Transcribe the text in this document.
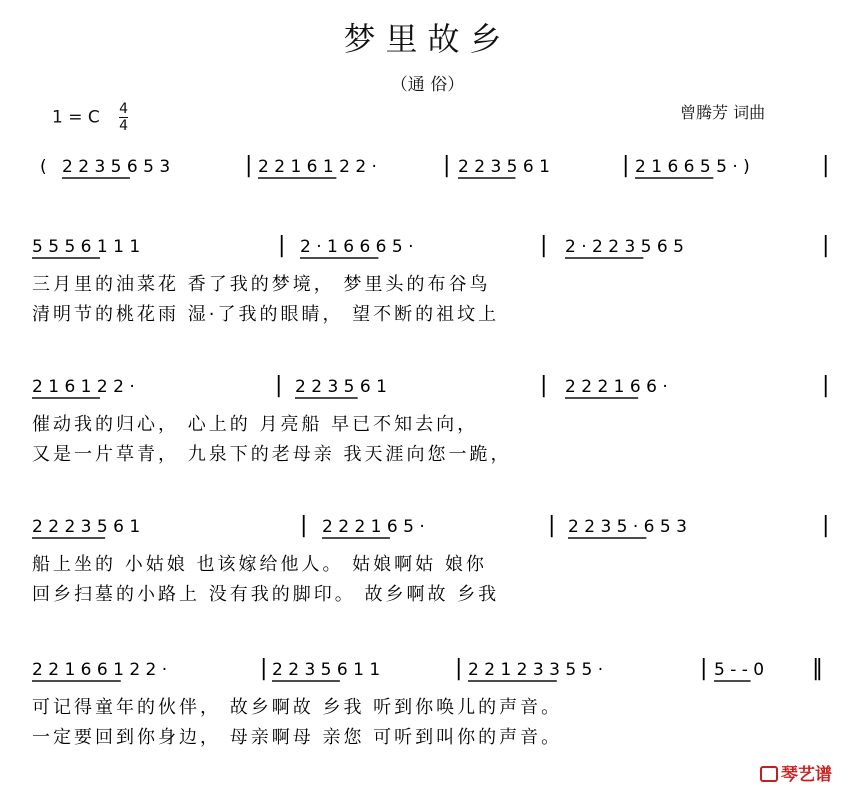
梦里故乡
（通 俗）
1 = C $\frac{4}{4}$	曾腾芳 词曲
( 2 2 3 5 6 5 3	| 2 2 1 6 1 2 2 ·	| 2 2 3 5 6 1	| 2 1 6 6 5 5 · )	|
5 5 5 6 1 1 1	| 2 · 1 6 6 6 5 ·	| 2 · 2 2 3 5 6 5	|
三月里的油菜花 香了我的梦境， 梦里头的布谷鸟
清明节的桃花雨 湿·了我的眼睛， 望不断的祖坟上
2 1 6 1 2 2 ·	| 2 2 3 5 6 1	| 2 2 2 1 6 6 ·	|
催动我的归心， 心上的 月亮船 早已不知去向，
又是一片草青， 九泉下的老母亲 我天涯向您一跪，
2 2 2 3 5 6 1	| 2 2 2 1 6 5 ·	| 2 2 3 5 · 6 5 3	|
船上坐的 小姑娘 也该嫁给他人。 姑娘啊姑 娘你
回乡扫墓的小路上 没有我的脚印。 故乡啊故 乡我
2 2 1 6 6 1 2 2 ·	| 2 2 3 5 6 1 1	| 2 2 1 2 3 3 5 5 ·	| 5 - - 0 ‖
可记得童年的伙伴， 故乡啊故 乡我 听到你唤儿的声音。
一定要回到你身边， 母亲啊母 亲您 可听到叫你的声音。
琴艺谱
